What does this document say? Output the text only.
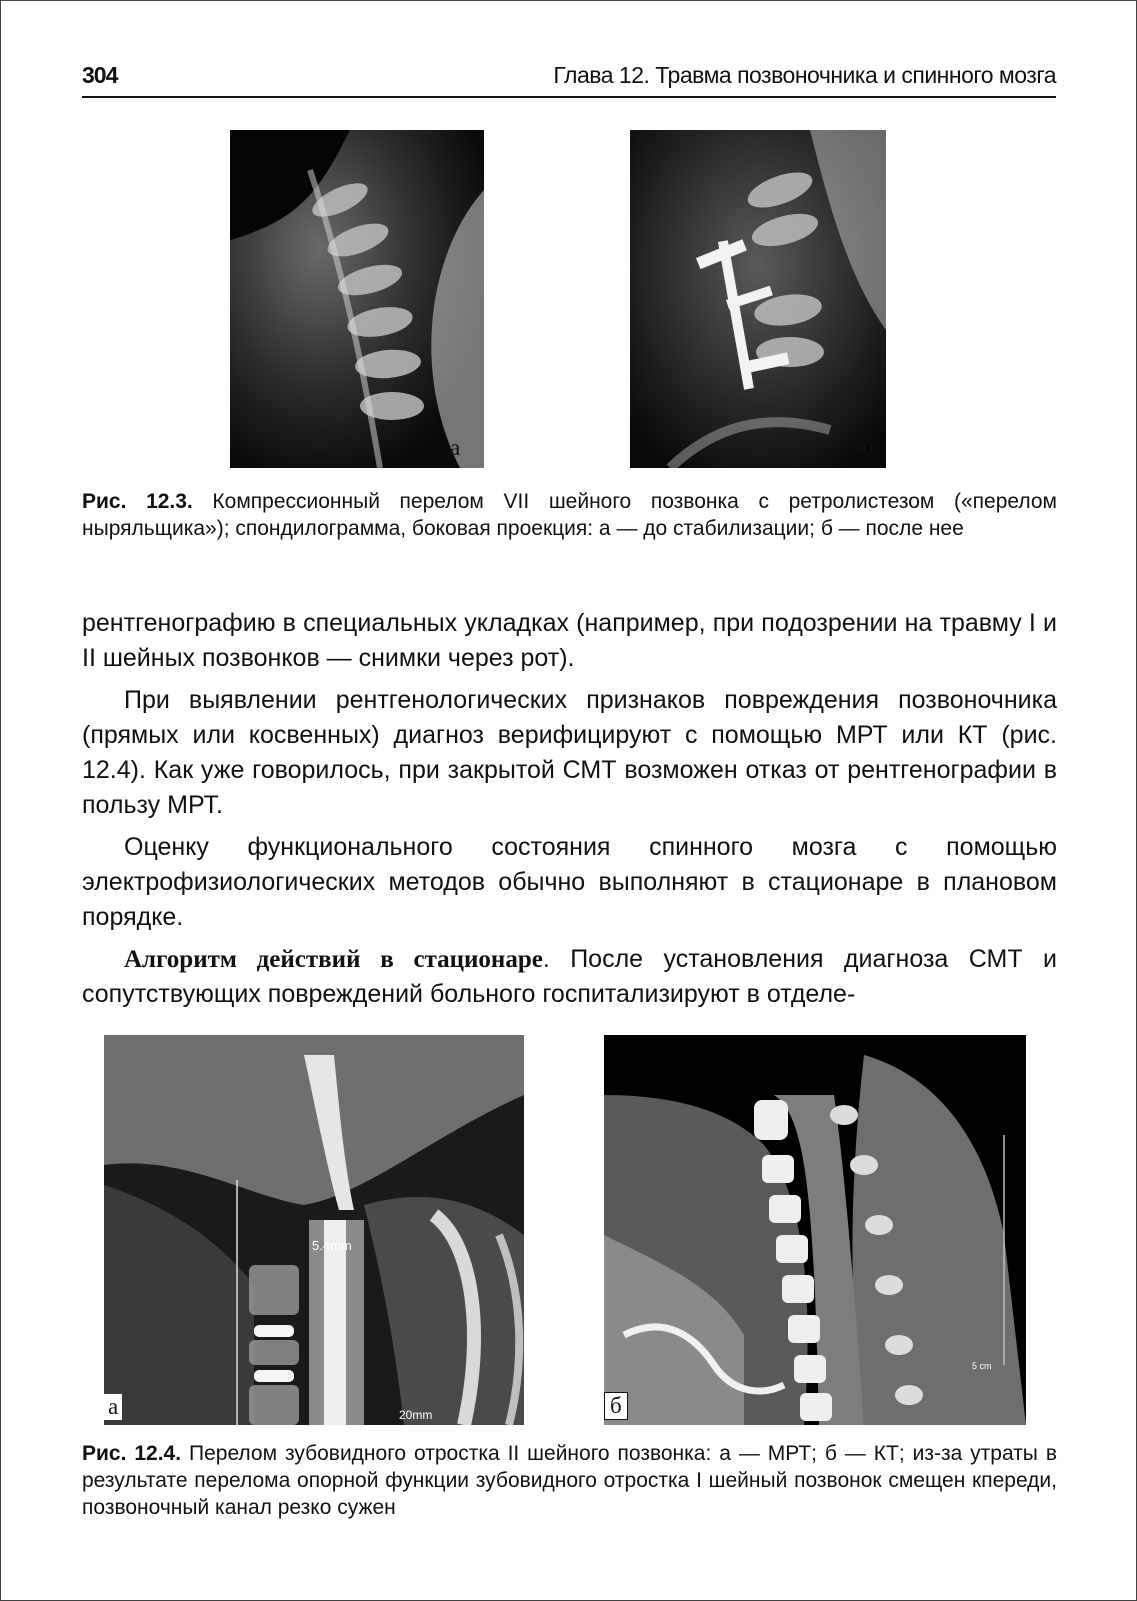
304	Глава 12. Травма позвоночника и спинного мозга
а	б
Рис. 12.3. Компрессионный перелом VII шейного позвонка с ретролистезом («перелом ныряльщика»); спондилограмма, боковая проекция: а — до стабилизации; б — после нее

рентгенографию в специальных укладках (например, при подозрении на травму I и II шейных позвонков — снимки через рот).

При выявлении рентгенологических признаков повреждения позвоночника (прямых или косвенных) диагноз верифицируют с помощью МРТ или КТ (рис. 12.4). Как уже говорилось, при закрытой СМТ возможен отказ от рентгенографии в пользу МРТ.

Оценку функционального состояния спинного мозга с помощью электрофизиологических методов обычно выполняют в стационаре в плановом порядке.

Алгоритм действий в стационаре. После установления диагноза СМТ и сопутствующих повреждений больного госпитализируют в отделе-

5.4mm
20mm
а
5 cm
б
Рис. 12.4. Перелом зубовидного отростка II шейного позвонка: а — МРТ; б — КТ; из-за утраты в результате перелома опорной функции зубовидного отростка I шейный позвонок смещен кпереди, позвоночный канал резко сужен
